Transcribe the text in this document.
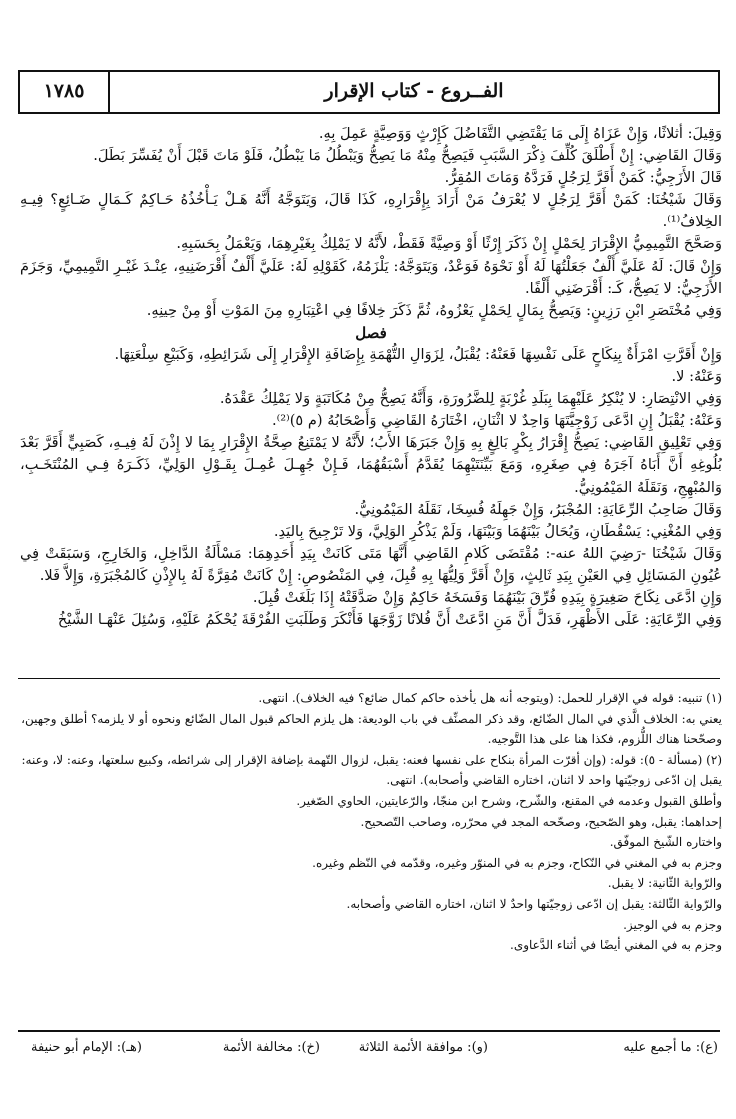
١٧٨٥	الفــروع - كتاب الإقرار

وَقِيلَ: أثلاثًا، وَإِنْ عَزَاهُ إِلَى مَا يَقْتَضِي التَّفَاضُلَ كَإِرْثٍ وَوَصِيَّةٍ عَمِلَ بِهِ.

وَقَالَ القَاضِي: إِنْ أَطْلَقَ كُلِّفَ ذِكْرَ السَّبَبِ فَيَصِحُّ مِنْهُ مَا يَصِحُّ وَيَبْطُلُ مَا يَبْطُلُ، فَلَوْ مَاتَ قَبْلَ أَنْ يُفَسِّرَ بَطَلَ.

قَالَ الأَزَجِيُّ: كَمَنْ أَقَرَّ لِرَجُلٍ فَرَدَّهُ وَمَاتَ المُقِرُّ.

وَقَالَ شَيْخُنَا: كَمَنْ أَقَرَّ لِرَجُلٍ لا يُعْرَفُ مَنْ أَرَادَ بِإِقْرَارِهِ، كَذَا قَالَ، وَيَتَوَجَّهُ أَنَّهُ هَـلْ يَـأْخُذُهُ حَـاكِمٌ كَـمَالٍ ضَـائِعٍ؟ فِيـهِ الخِلافُ⁽¹⁾.

وَصَحَّحَ التَّمِيمِيُّ الإِقْرَارَ لِحَمْلٍ إِنْ ذَكَرَ إِرْثًا أَوْ وَصِيَّةً فَقَطْ، لأَنَّهُ لا يَمْلِكُ بِغَيْرِهِمَا، وَيَعْمَلُ بِحَسَبِهِ.

وَإِنْ قَالَ: لَهُ عَلَيَّ أَلْفٌ جَعَلْتُهَا لَهُ أَوْ نَحْوَهُ فَوَعْدٌ، وَيَتَوَجَّهُ: يَلْزَمُهُ، كَقَوْلِهِ لَهُ: عَلَيَّ أَلْفٌ أَقْرَضَنِيهِ، عِنْـدَ غَيْـرِ التَّمِيمِيِّ، وَجَزَمَ الأَزَجِيُّ: لا يَصِحُّ، كَـ: أَقْرَضَنِي أَلْفًا.

وَفِي مُخْتَصَرِ ابْنِ رَزِينٍ: وَيَصِحُّ بِمَالٍ لِحَمْلٍ يَعْزُوهُ، ثُمَّ ذَكَرَ خِلافًا فِي اعْتِبَارِهِ مِنَ المَوْتِ أَوْ مِنْ حِينِهِ.

فصل

وَإِنْ أَقَرَّتِ امْرَأَةٌ بِنِكَاحٍ عَلَى نَفْسِهَا فَعَنْهُ: يُقْبَلُ، لِزَوَالِ التُّهْمَةِ بِإِضَافَةِ الإِقْرَارِ إِلَى شَرَائِطِهِ، وَكَبَيْعِ سِلْعَتِهَا.

وَعَنْهُ: لا.

وَفِي الانْتِصَارِ: لا يُنْكِرُ عَلَيْهِمَا بِبَلَدِ غُرْبَةٍ لِلضَّرُورَةِ، وَأَنَّهُ يَصِحُّ مِنْ مُكَاتَبَةٍ وَلا يَمْلِكُ عَقْدَهُ.

وَعَنْهُ: يُقْبَلُ إِنِ ادَّعَى زَوْجِيَّتَهَا وَاحِدٌ لا اثْنَانِ، اخْتَارَهُ القَاضِي وَأَصْحَابُهُ (م ٥)⁽²⁾.

وَفِي تَعْلِيقِ القَاضِي: يَصِحُّ إِقْرَارُ بِكْرٍ بَالِغٍ بِهِ وَإِنْ جَبَرَهَا الأَبُ؛ لأَنَّهُ لا يَمْتَنِعُ صِحَّةُ الإِقْرَارِ بِمَا لا إِذْنَ لَهُ فِيـهِ، كَصَبِيٍّ أَقَرَّ بَعْدَ بُلُوغِهِ أَنَّ أَبَاهُ آجَرَهُ فِي صِغَرِهِ، وَمَعَ بَيِّنَتَيْهِمَا يُقَدَّمُ أَسْبَقُهُمَا، فَـإِنْ جُهِـلَ عُمِـلَ بِقَـوْلِ الوَلِيِّ، ذَكَـرَهُ فِـي المُنْتَخَـبِ، وَالمُبْهِجِ، وَنَقَلَهُ المَيْمُونِيُّ.

وَقَالَ صَاحِبُ الرِّعَايَةِ: المُجْبَرُ، وَإِنْ جَهِلَهُ فُسِخَا، نَقَلَهُ المَيْمُونِيُّ.

وَفِي المُغْنِي: يَسْقُطَانِ، وَيُحَالُ بَيْنَهُمَا وَبَيْنَهَا، وَلَمْ يَذْكُرِ الوَلِيَّ، وَلا تَرْجِيحَ بِاليَدِ.

وَقَالَ شَيْخُنَا -رَضِيَ اللهُ عنه-: مُقْتَضَى كَلامِ القَاضِي أَنَّهَا مَتَى كَانَتْ بِيَدِ أَحَدِهِمَا: مَسْأَلَةُ الدَّاخِلِ، وَالخَارِجِ، وَسَبَقَتْ فِي عُيُونِ المَسَائِلِ فِي العَيْنِ بِيَدِ ثَالِثٍ، وَإِنْ أَقَرَّ وَلِيُّهَا بِهِ قُبِلَ، فِي المَنْصُوصِ: إِنْ كَانَتْ مُقِرَّةً لَهُ بِالإِذْنِ كَالمُجْبَرَةِ، وَإِلاَّ فَلا.

وَإِنِ ادَّعَى نِكَاحَ صَغِيرَةٍ بِيَدِهِ فُرِّقَ بَيْنَهُمَا وَفَسَخَهُ حَاكِمٌ وَإِنْ صَدَّقَتْهُ إِذَا بَلَغَتْ قُبِلَ.

وَفِي الرِّعَايَةِ: عَلَى الأَظْهَرِ، فَدَلَّ أَنَّ مَنِ ادَّعَتْ أَنَّ فُلانًا زَوَّجَهَا فَأَنْكَرَ وَطَلَبَتِ الفُرْقَةَ يُحْكَمُ عَلَيْهِ، وَسُئِلَ عَنْهَـا الشَّيْخُ

(١) تنبيه: قوله في الإقرار للحمل: (ويتوجه أنه هل يأخذه حاكم كمال ضائع؟ فيه الخلاف). انتهى.

يعني به: الخلاف الَّذي في المال الضّائع، وقد ذكر المصنِّف في باب الوديعة: هل يلزم الحاكم قبول المال الضّائع ونحوه أو لا يلزمه؟ أطلق وجهين، وصحّحنا هناك اللُّزوم، فكذا هنا على هذا التَّوجيه.

(٢) (مسألة - ٥): قوله: (وإن أقرّت المرأة بنكاح على نفسها فعنه: يقبل، لزوال التّهمة بإضافة الإقرار إلى شرائطه، وكبيع سلعتها، وعنه: لا، وعنه: يقبل إن ادّعى زوجيّتها واحد لا اثنان، اختاره القاضي وأصحابه). انتهى.

وأطلق القبول وعدمه في المقنع، والشّرح، وشرح ابن منجّا، والرّعايتين، الحاوي الصّغير.

إحداهما: يقبل، وهو الصّحيح، وصحّحه المجد في محرّره، وصاحب التّصحيح.

واختاره الشّيخ الموفّق.

وجزم به في المغني في النّكاح، وجزم به في المنوّر وغيره، وقدّمه في النّظم وغيره.

والرّواية الثّانية: لا يقبل.

والرّواية الثّالثة: يقبل إن ادّعى زوجيّتها واحدٌ لا اثنان، اختاره القاضي وأصحابه.

وجزم به في الوجيز.

وجزم به في المغني أيضًا في أثناء الدَّعاوى.

(ع): ما أجمع عليه
(و): موافقة الأئمة الثلاثة
(خ): مخالفة الأئمة
(هـ): الإمام أبو حنيفة
